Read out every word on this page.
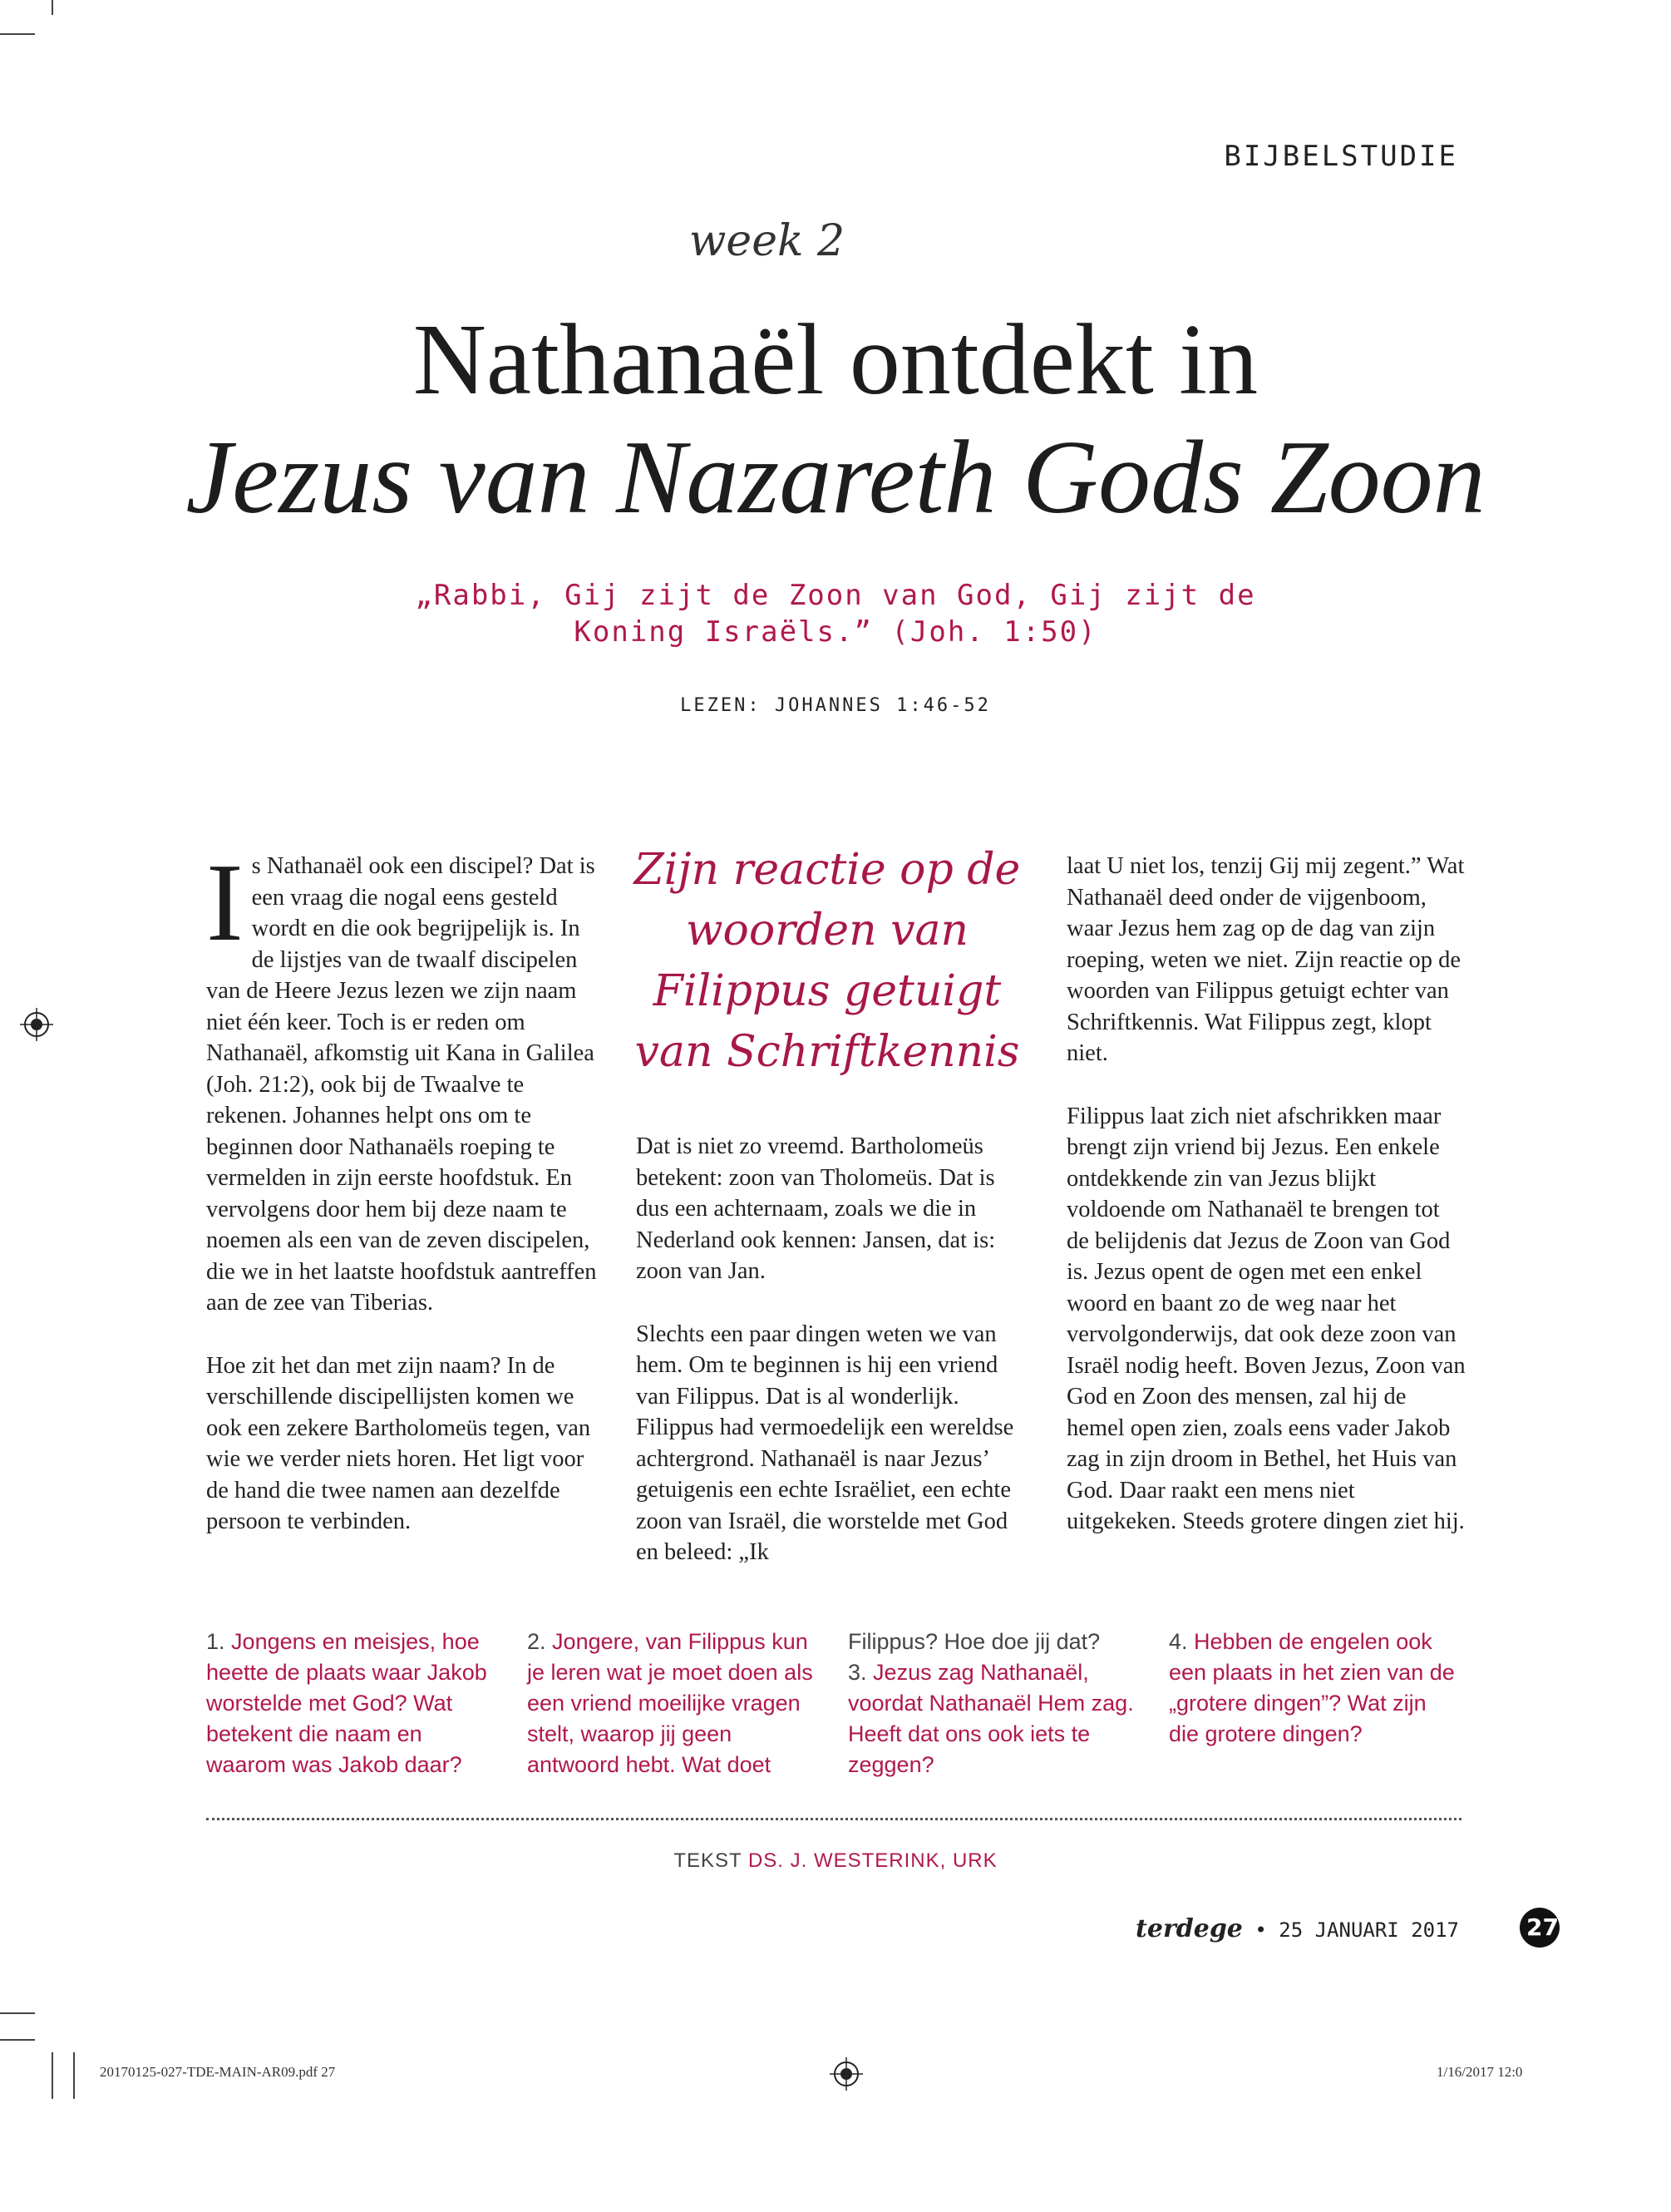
BIJBELSTUDIE
week 2
Nathanaël ontdekt in
Jezus van Nazareth Gods Zoon
„Rabbi, Gij zijt de Zoon van God, Gij zijt de
Koning Israëls.” (Joh. 1:50)
LEZEN: JOHANNES 1:46-52

Is Nathanaël ook een discipel? Dat is een vraag die nogal eens gesteld wordt en die ook begrijpelijk is. In de lijstjes van de twaalf discipelen van de Heere Jezus lezen we zijn naam niet één keer. Toch is er reden om Nathanaël, afkomstig uit Kana in Galilea (Joh. 21:2), ook bij de Twaalve te rekenen. Johannes helpt ons om te beginnen door Nathanaëls roeping te vermelden in zijn eerste hoofdstuk. En vervolgens door hem bij deze naam te noemen als een van de zeven discipelen, die we in het laatste hoofdstuk aantreffen aan de zee van Tiberias.

Hoe zit het dan met zijn naam? In de verschillende discipellijsten komen we ook een zekere Bartholomeüs tegen, van wie we verder niets horen. Het ligt voor de hand die twee namen aan dezelfde persoon te verbinden.

Zijn reactie op de woorden van Filippus getuigt van Schriftkennis

Dat is niet zo vreemd. Bartholomeüs betekent: zoon van Tholomeüs. Dat is dus een achternaam, zoals we die in Nederland ook kennen: Jansen, dat is: zoon van Jan.

Slechts een paar dingen weten we van hem. Om te beginnen is hij een vriend van Filippus. Dat is al wonderlijk. Filippus had vermoedelijk een wereldse achtergrond. Nathanaël is naar Jezus’ getuigenis een echte Israëliet, een echte zoon van Israël, die worstelde met God en beleed: „Ik

laat U niet los, tenzij Gij mij zegent.” Wat Nathanaël deed onder de vijgenboom, waar Jezus hem zag op de dag van zijn roeping, weten we niet. Zijn reactie op de woorden van Filippus getuigt echter van Schriftkennis. Wat Filippus zegt, klopt niet.

Filippus laat zich niet afschrikken maar brengt zijn vriend bij Jezus. Een enkele ontdekkende zin van Jezus blijkt voldoende om Nathanaël te brengen tot de belijdenis dat Jezus de Zoon van God is. Jezus opent de ogen met een enkel woord en baant zo de weg naar het vervolgonderwijs, dat ook deze zoon van Israël nodig heeft. Boven Jezus, Zoon van God en Zoon des mensen, zal hij de hemel open zien, zoals eens vader Jakob zag in zijn droom in Bethel, het Huis van God. Daar raakt een mens niet uitgekeken. Steeds grotere dingen ziet hij.

1. Jongens en meisjes, hoe heette de plaats waar Jakob worstelde met God? Wat betekent die naam en waarom was Jakob daar?
2. Jongere, van Filippus kun je leren wat je moet doen als een vriend moeilijke vragen stelt, waarop jij geen antwoord hebt. Wat doet
Filippus? Hoe doe jij dat?
3. Jezus zag Nathanaël, voordat Nathanaël Hem zag. Heeft dat ons ook iets te zeggen?
4. Hebben de engelen ook een plaats in het zien van de „grotere dingen”? Wat zijn die grotere dingen?
TEKST DS. J. WESTERINK, URK
terdege • 25 JANUARI 2017	27
20170125-027-TDE-MAIN-AR09.pdf 27	1/16/2017 12:0
